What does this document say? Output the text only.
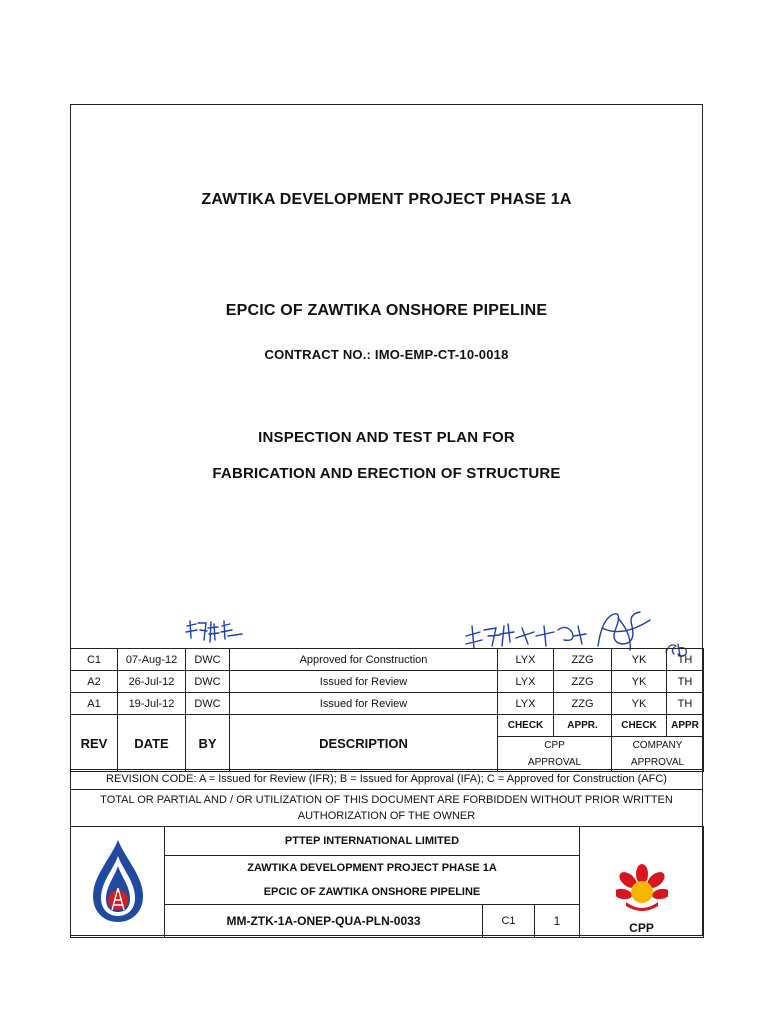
ZAWTIKA DEVELOPMENT PROJECT PHASE 1A
EPCIC OF ZAWTIKA ONSHORE PIPELINE
CONTRACT NO.: IMO-EMP-CT-10-0018
INSPECTION AND TEST PLAN FOR
FABRICATION AND ERECTION OF STRUCTURE
C1	07-Aug-12	DWC	Approved for Construction	LYX	ZZG	YK	TH
A2	26-Jul-12	DWC	Issued for Review	LYX	ZZG	YK	TH
A1	19-Jul-12	DWC	Issued for Review	LYX	ZZG	YK	TH
REV	DATE	BY	DESCRIPTION	CHECK	APPR.	CHECK	APPR
				CPP		COMPANY	
				APPROVAL		APPROVAL	
REVISION CODE: A = Issued for Review (IFR); B = Issued for Approval (IFA); C = Approved for Construction (AFC)
TOTAL OR PARTIAL AND / OR UTILIZATION OF THIS DOCUMENT ARE FORBIDDEN WITHOUT PRIOR WRITTEN
AUTHORIZATION OF THE OWNER
	PTTEP INTERNATIONAL LIMITED			CPP

	ZAWTIKA DEVELOPMENT PROJECT PHASE 1A			
	EPCIC OF ZAWTIKA ONSHORE PIPELINE			
	MM-ZTK-1A-ONEP-QUA-PLN-0033	C1	1	
